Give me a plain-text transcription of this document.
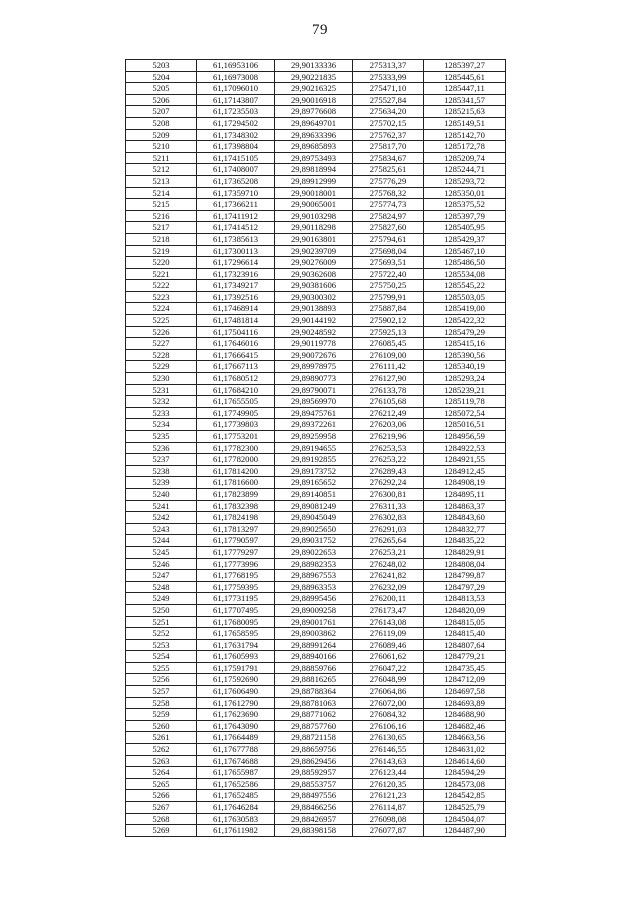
79
5203	61,16953106	29,90133336	275313,37	1285397,27
5204	61,16973008	29,90221835	275333,99	1285445,61
5205	61,17096010	29,90216325	275471,10	1285447,11
5206	61,17143807	29,90016918	275527,84	1285341,57
5207	61,17235503	29,89776608	275634,20	1285215,63
5208	61,17294502	29,89649701	275702,15	1285149,51
5209	61,17348302	29,89633396	275762,37	1285142,70
5210	61,17398804	29,89685893	275817,70	1285172,78
5211	61,17415105	29,89753493	275834,67	1285209,74
5212	61,17408007	29,89818994	275825,61	1285244,71
5213	61,17365208	29,89912999	275776,29	1285293,72
5214	61,17359710	29,90018001	275768,32	1285350,01
5215	61,17366211	29,90065001	275774,73	1285375,52
5216	61,17411912	29,90103298	275824,97	1285397,79
5217	61,17414512	29,90118298	275827,60	1285405,95
5218	61,17385613	29,90163801	275794,61	1285429,37
5219	61,17300113	29,90239709	275698,04	1285467,10
5220	61,17296614	29,90276009	275693,51	1285486,50
5221	61,17323916	29,90362608	275722,40	1285534,08
5222	61,17349217	29,90381606	275750,25	1285545,22
5223	61,17392516	29,90300302	275799,91	1285503,05
5224	61,17468914	29,90138893	275887,84	1285419,00
5225	61,17481814	29,90144192	275902,12	1285422,32
5226	61,17504116	29,90248592	275925,13	1285479,29
5227	61,17646016	29,90119778	276085,45	1285415,16
5228	61,17666415	29,90072676	276109,00	1285390,56
5229	61,17667113	29,89978975	276111,42	1285340,19
5230	61,17680512	29,89890773	276127,90	1285293,24
5231	61,17684210	29,89790071	276133,78	1285239,21
5232	61,17655505	29,89569970	276105,68	1285119,78
5233	61,17749905	29,89475761	276212,49	1285072,54
5234	61,17739803	29,89372261	276203,06	1285016,51
5235	61,17753201	29,89259958	276219,96	1284956,59
5236	61,17782300	29,89194655	276253,53	1284922,53
5237	61,17782000	29,89192855	276253,22	1284921,55
5238	61,17814200	29,89173752	276289,43	1284912,45
5239	61,17816600	29,89165652	276292,24	1284908,19
5240	61,17823899	29,89140851	276300,81	1284895,11
5241	61,17832398	29,89081249	276311,33	1284863,37
5242	61,17824198	29,89045049	276302,83	1284843,60
5243	61,17813297	29,89025650	276291,03	1284832,77
5244	61,17790597	29,89031752	276265,64	1284835,22
5245	61,17779297	29,89022653	276253,21	1284829,91
5246	61,17773996	29,88982353	276248,02	1284808,04
5247	61,17768195	29,88967553	276241,82	1284799,87
5248	61,17759395	29,88963353	276232,09	1284797,29
5249	61,17731195	29,88995456	276200,11	1284813,53
5250	61,17707495	29,89009258	276173,47	1284820,09
5251	61,17680095	29,89001761	276143,08	1284815,05
5252	61,17658595	29,89003862	276119,09	1284815,40
5253	61,17631794	29,88991264	276089,46	1284807,64
5254	61,17605993	29,88940166	276061,62	1284779,21
5255	61,17591791	29,88859766	276047,22	1284735,45
5256	61,17592690	29,88816265	276048,99	1284712,09
5257	61,17606490	29,88788364	276064,86	1284697,58
5258	61,17612790	29,88781063	276072,00	1284693,89
5259	61,17623690	29,88771062	276084,32	1284688,90
5260	61,17643090	29,88757760	276106,16	1284682,46
5261	61,17664489	29,88721158	276130,65	1284663,56
5262	61,17677788	29,88659756	276146,55	1284631,02
5263	61,17674688	29,88629456	276143,63	1284614,60
5264	61,17655987	29,88592957	276123,44	1284594,29
5265	61,17652586	29,88553757	276120,35	1284573,08
5266	61,17652485	29,88497556	276121,23	1284542,85
5267	61,17646284	29,88466256	276114,87	1284525,79
5268	61,17630583	29,88426957	276098,08	1284504,07
5269	61,17611982	29,88398158	276077,87	1284487,90
